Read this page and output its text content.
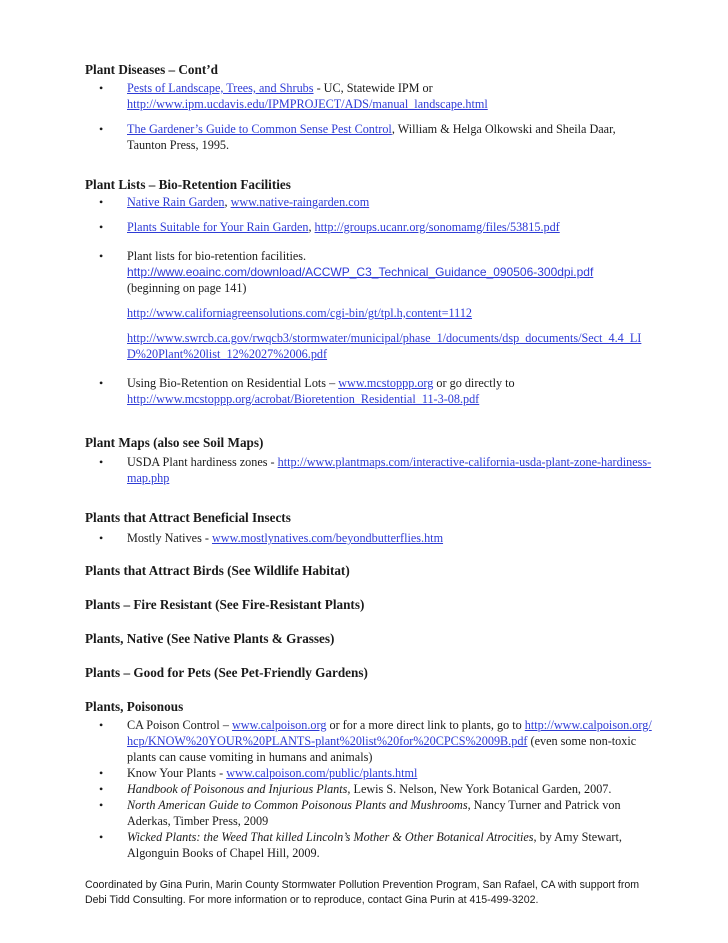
Plant Diseases – Cont’d

• Pests of Landscape, Trees, and Shrubs - UC, Statewide IPM or http://www.ipm.ucdavis.edu/IPMPROJECT/ADS/manual_landscape.html
• The Gardener’s Guide to Common Sense Pest Control, William & Helga Olkowski and Sheila Daar, Taunton Press, 1995.

Plant Lists – Bio-Retention Facilities

• Native Rain Garden, www.native-raingarden.com
• Plants Suitable for Your Rain Garden, http://groups.ucanr.org/sonomamg/files/53815.pdf
• Plant lists for bio-retention facilities.
http://www.eoainc.com/download/ACCWP_C3_Technical_Guidance_090506-300dpi.pdf
(beginning on page 141)
http://www.californiagreensolutions.com/cgi-bin/gt/tpl.h,content=1112
http://www.swrcb.ca.gov/rwqcb3/stormwater/municipal/phase_1/documents/dsp_documents/Sect_4.4_LID%20Plant%20list_12%2027%2006.pdf
• Using Bio-Retention on Residential Lots – www.mcstoppp.org or go directly to
http://www.mcstoppp.org/acrobat/Bioretention_Residential_11-3-08.pdf

Plant Maps (also see Soil Maps)

• USDA Plant hardiness zones - http://www.plantmaps.com/interactive-california-usda-plant-zone-hardiness-map.php

Plants that Attract Beneficial Insects

• Mostly Natives - www.mostlynatives.com/beyondbutterflies.htm

Plants that Attract Birds (See Wildlife Habitat)

Plants – Fire Resistant (See Fire-Resistant Plants)

Plants, Native (See Native Plants & Grasses)

Plants – Good for Pets (See Pet-Friendly Gardens)

Plants, Poisonous

• CA Poison Control – www.calpoison.org or for a more direct link to plants, go to http://www.calpoison.org/hcp/KNOW%20YOUR%20PLANTS-plant%20list%20for%20CPCS%2009B.pdf (even some non-toxic plants can cause vomiting in humans and animals)
• Know Your Plants - www.calpoison.com/public/plants.html
• Handbook of Poisonous and Injurious Plants, Lewis S. Nelson, New York Botanical Garden, 2007.
• North American Guide to Common Poisonous Plants and Mushrooms, Nancy Turner and Patrick von Aderkas, Timber Press, 2009
• Wicked Plants: the Weed That killed Lincoln’s Mother & Other Botanical Atrocities, by Amy Stewart, Algonguin Books of Chapel Hill, 2009.
Coordinated by Gina Purin, Marin County Stormwater Pollution Prevention Program, San Rafael, CA with support from Debi Tidd Consulting. For more information or to reproduce, contact Gina Purin at 415-499-3202.
